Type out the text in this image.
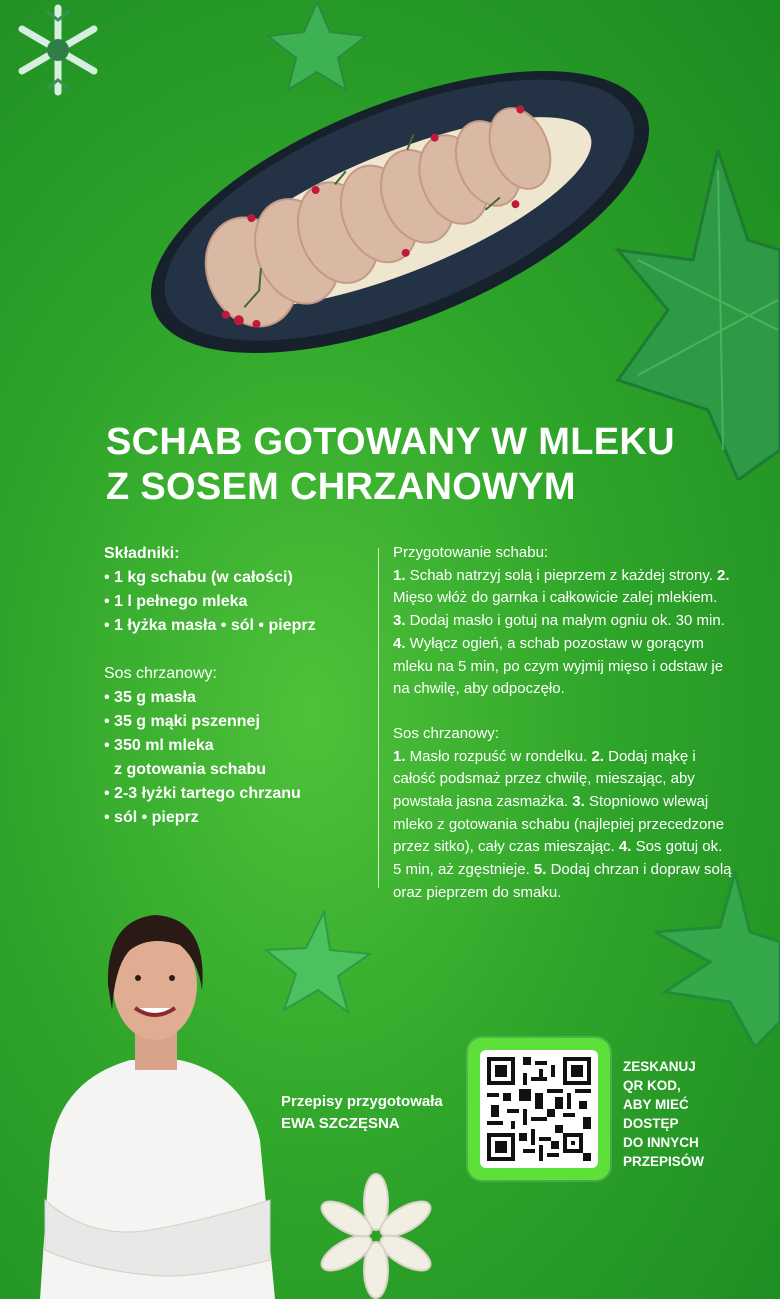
SCHAB GOTOWANY W MLEKU
Z SOSEM CHRZANOWYM
Składniki:
• 1 kg schabu (w całości)
• 1 l pełnego mleka
• 1 łyżka masła • sól • pieprz
Sos chrzanowy:
• 35 g masła
• 35 g mąki pszennej
• 350 ml mleka
z gotowania schabu
• 2-3 łyżki tartego chrzanu
• sól • pieprz

Przygotowanie schabu:

1. Schab natrzyj solą i pieprzem z każdej strony. 2. Mięso włóż do garnka i całkowicie zalej mlekiem. 3. Dodaj masło i gotuj na małym ogniu ok. 30 min. 4. Wyłącz ogień, a schab pozostaw w gorącym mleku na 5 min, po czym wyjmij mięso i odstaw je na chwilę, aby odpoczęło.

Sos chrzanowy:

1. Masło rozpuść w rondelku. 2. Dodaj mąkę i całość podsmaż przez chwilę, mieszając, aby powstała jasna zasmażka. 3. Stopniowo wlewaj mleko z gotowania schabu (najlepiej przecedzone przez sitko), cały czas mieszając. 4. Sos gotuj ok. 5 min, aż zgęstnieje. 5. Dodaj chrzan i dopraw solą oraz pieprzem do smaku.

Przepisy przygotowała
EWA SZCZĘSNA
ZESKANUJ
QR KOD,
ABY MIEĆ
DOSTĘP
DO INNYCH
PRZEPISÓW
